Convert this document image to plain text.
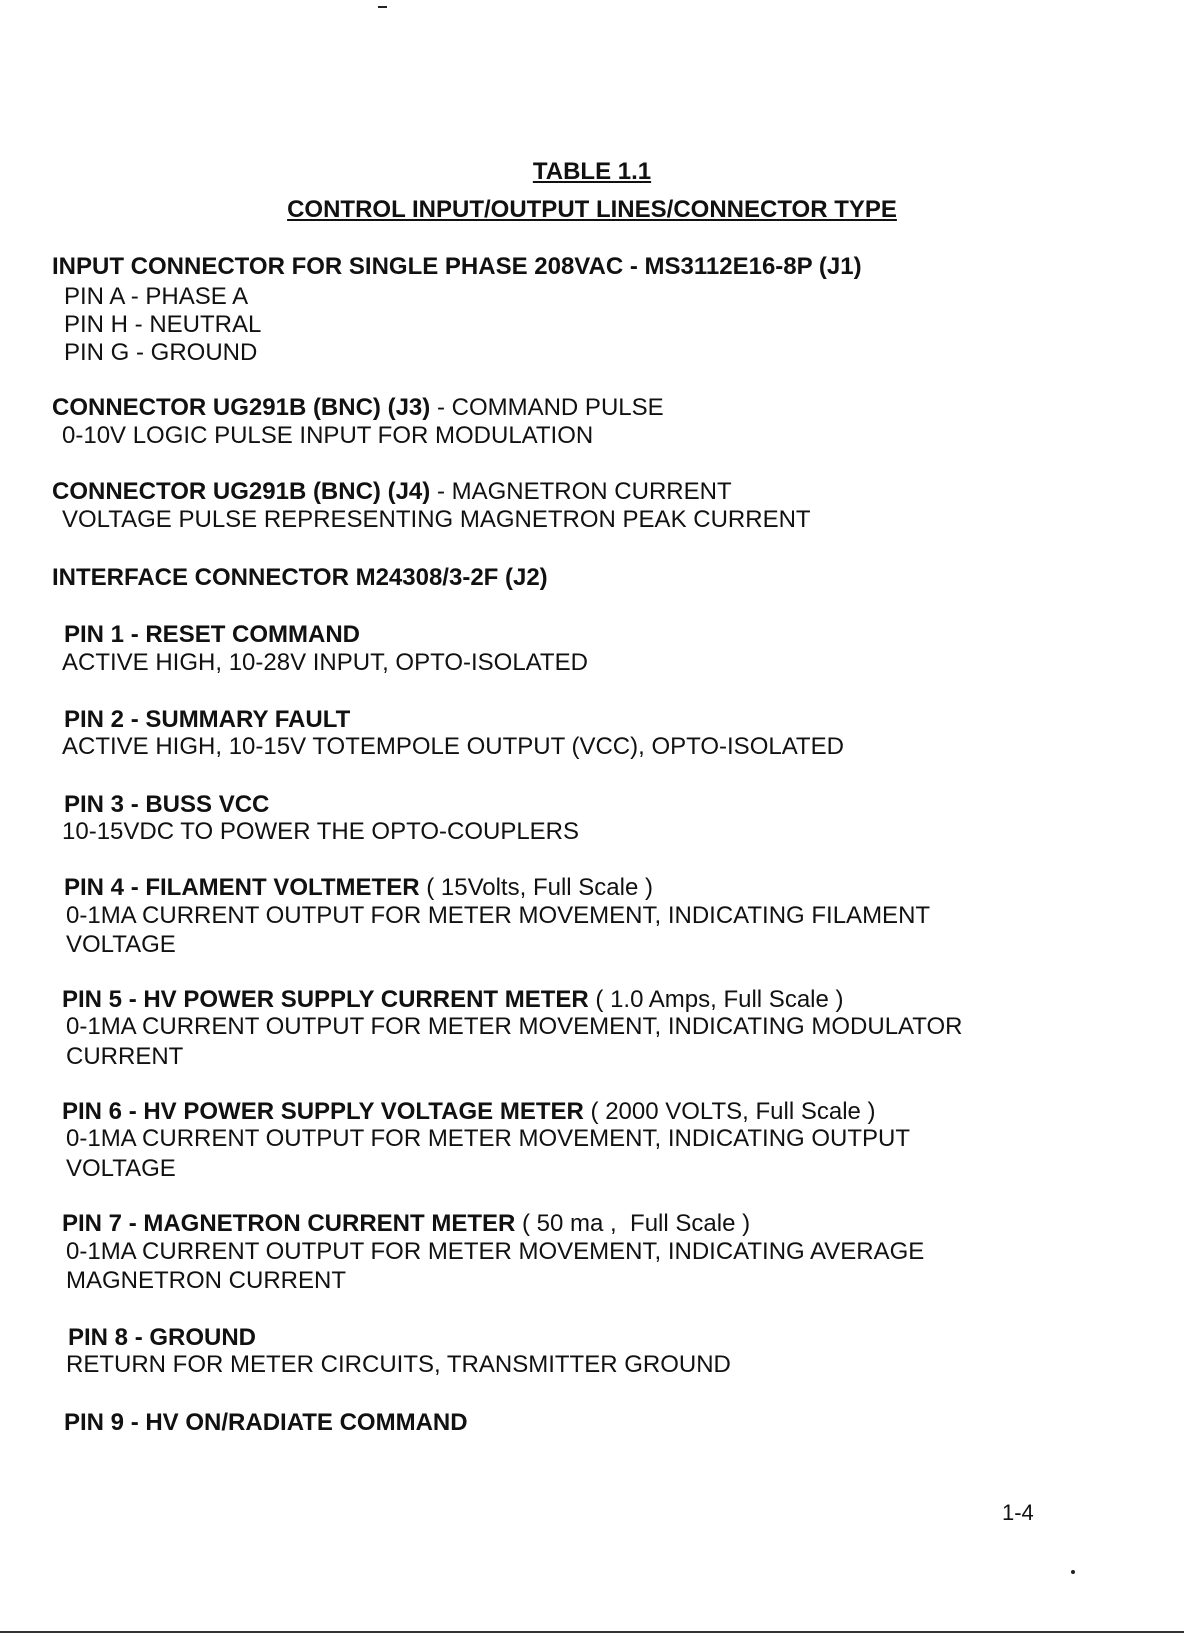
TABLE 1.1
CONTROL INPUT/OUTPUT LINES/CONNECTOR TYPE
INPUT CONNECTOR FOR SINGLE PHASE 208VAC - MS3112E16-8P (J1)
PIN A - PHASE A
PIN H - NEUTRAL
PIN G - GROUND
CONNECTOR UG291B (BNC) (J3) - COMMAND PULSE
0-10V LOGIC PULSE INPUT FOR MODULATION
CONNECTOR UG291B (BNC) (J4) - MAGNETRON CURRENT
VOLTAGE PULSE REPRESENTING MAGNETRON PEAK CURRENT
INTERFACE CONNECTOR M24308/3-2F (J2)
PIN 1 - RESET COMMAND
ACTIVE HIGH, 10-28V INPUT, OPTO-ISOLATED
PIN 2 - SUMMARY FAULT
ACTIVE HIGH, 10-15V TOTEMPOLE OUTPUT (VCC), OPTO-ISOLATED
PIN 3 - BUSS VCC
10-15VDC TO POWER THE OPTO-COUPLERS
PIN 4 - FILAMENT VOLTMETER ( 15Volts, Full Scale )
0-1MA CURRENT OUTPUT FOR METER MOVEMENT, INDICATING FILAMENT
VOLTAGE
PIN 5 - HV POWER SUPPLY CURRENT METER ( 1.0 Amps, Full Scale )
0-1MA CURRENT OUTPUT FOR METER MOVEMENT, INDICATING MODULATOR
CURRENT
PIN 6 - HV POWER SUPPLY VOLTAGE METER ( 2000 VOLTS, Full Scale )
0-1MA CURRENT OUTPUT FOR METER MOVEMENT, INDICATING OUTPUT
VOLTAGE
PIN 7 - MAGNETRON CURRENT METER ( 50 ma ,  Full Scale )
0-1MA CURRENT OUTPUT FOR METER MOVEMENT, INDICATING AVERAGE
MAGNETRON CURRENT
PIN 8 - GROUND
RETURN FOR METER CIRCUITS, TRANSMITTER GROUND
PIN 9 - HV ON/RADIATE COMMAND
1-4
